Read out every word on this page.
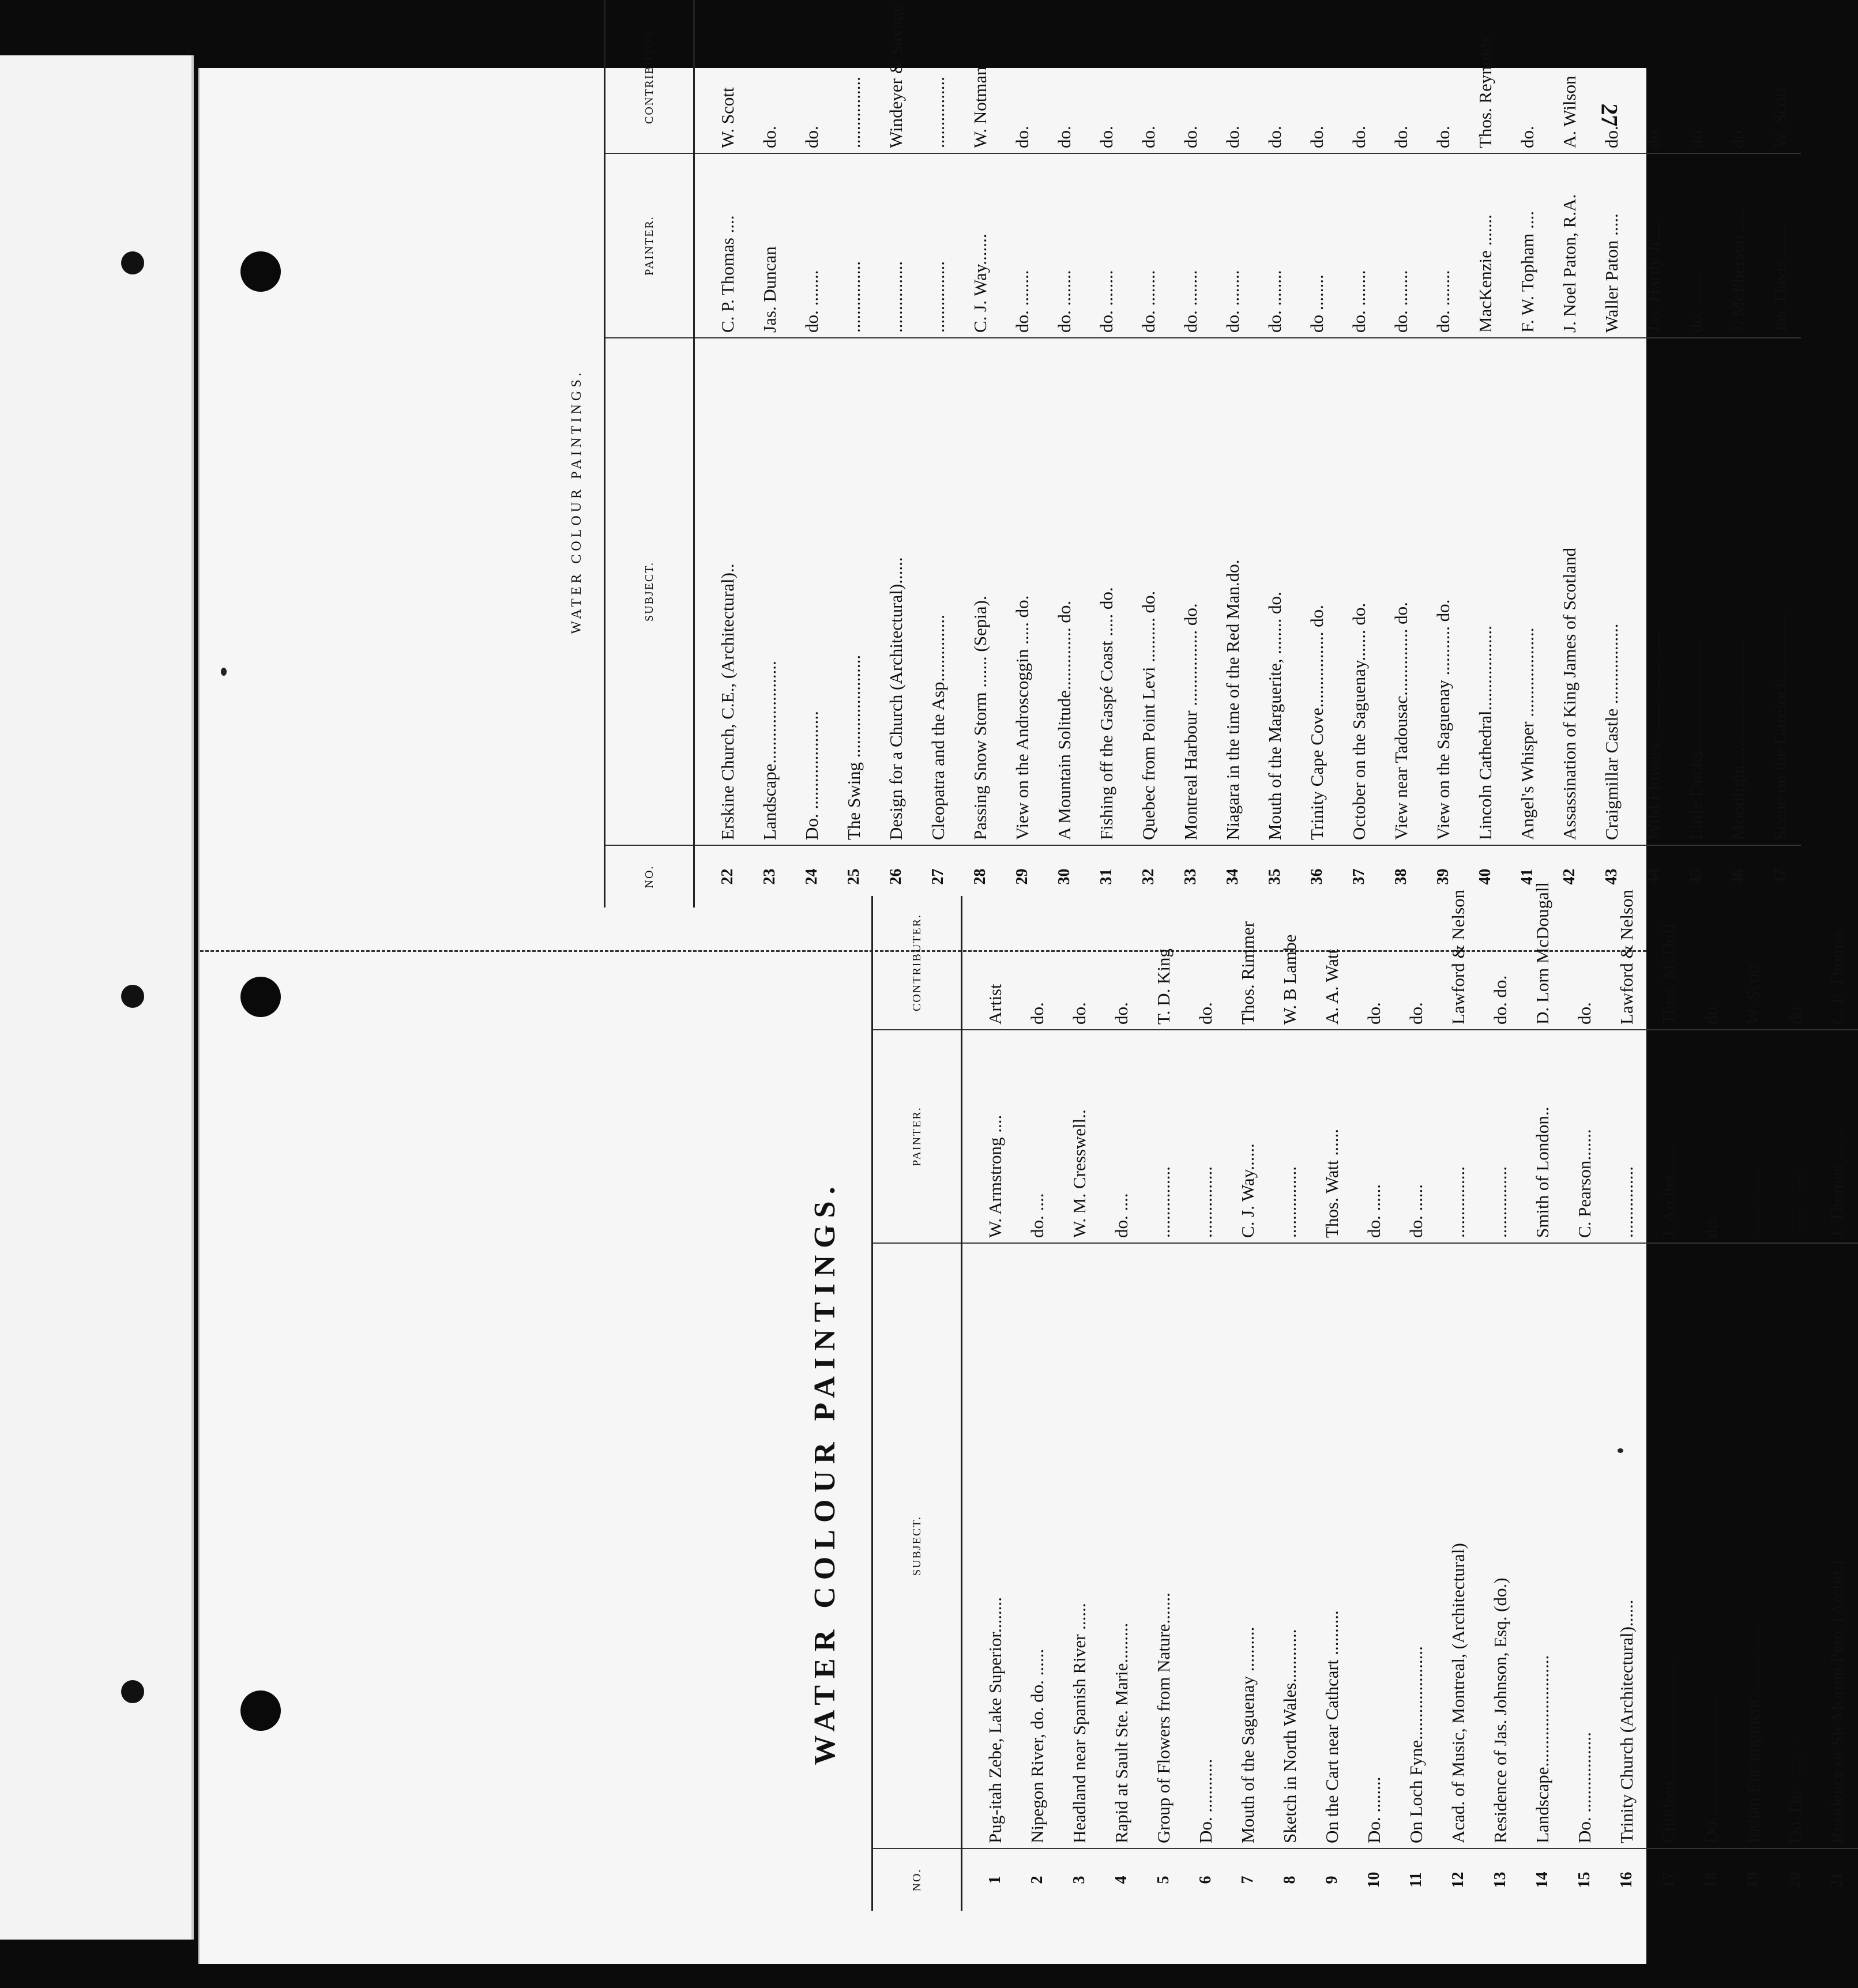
27
WATER COLOUR PAINTINGS.
NO.	SUBJECT.	PAINTER.	CONTRIBUTOR.
22	Erskine Church, C.E., (Architectural)..	C. P. Thomas ....	W. Scott
23	Landscape.......................	Jas. Duncan	do.
24	Do. ......................	do. ........	do.
25	The Swing .......................	................	................
26	Design for a Church (Architectural)......	................	Windeyer & Savage
27	Cleopatra and the Asp...............	................	................
28	Passing Snow Storm ....... (Sepia).	C. J. Way.......	W. Notman
29	View on the Androscoggin ..... do.	do. ........	do.
30	A Mountain Solitude.............. do.	do. ........	do.
31	Fishing off the Gaspé Coast ..... do.	do. ........	do.
32	Quebec from Point Levi .......... do.	do. ........	do.
33	Montreal Harbour ................. do.	do. ........	do.
34	Niagara in the time of the Red Man.do.	do. ........	do.
35	Mouth of the Marguerite, ........ do.	do. ........	do.
36	Trinity Cape Cove................. do.	do ........	do.
37	October on the Saguenay....... do.	do. ........	do.
38	View near Tadousac............... do.	do. ........	do.
39	View on the Saguenay ........... do.	do. ........	do.
40	Lincoln Cathedral...................	MacKenzie .......	Thos. Reynolds
41	Angel's Whisper ....................	F. W. Topham ....	do.
42	Assassination of King James of Scotland	J. Noel Paton, R.A.	A. Wilson
43	Craigmillar Castle ..................	Waller Paton .....	do.
44	Wild Flowers.........................	Jas. Hardy Jr.....	do.
45	Little Ducks.........................	do. ........	do.
46	Moonlight............................	J. McPherson .....	do.
47	Scene on the Gareloch...............	Jas. Davis .......	W. Scott
WATER COLOUR PAINTINGS.
NO.	SUBJECT.	PAINTER.	CONTRIBUTER.
1	Pug-itah Zebe, Lake Superior........	W. Armstrong ....	Artist
2	Nipegon River, do. do. ......	do. ....	do.
3	Headland near Spanish River ......	W. M. Cresswell..	do.
4	Rapid at Sault Ste. Marie.........	do. ....	do.
5	Group of Flowers from Nature.......	................	T. D. King
6	Do. ............	................	do.
7	Mouth of the Saguenay ..........	C. J. Way......	Thos. Rimmer
8	Sketch in North Wales............	................	W. B Lambe
9	On the Cart near Cathcart ..........	Thos. Watt ......	A. A. Watt
10	Do. ........	do. ......	do.
11	On Loch Fyne.....................	do. ......	do.
12	Acad. of Music, Montreal, (Architectural)	................	Lawford & Nelson
13	Residence of Jas. Johnson, Esq. (do.)	................	do. do.
14	Landscape.........................	Smith of London..	D. Lorn McDougall
15	Do. ..................	C. Pearson.......	do.
16	Trinity Church (Architectural)......	................	Lawford & Nelson
17	Children...........................	J. Archer.......	Thos. McDuff
18	Do. ..........................	do.	do.
19	Indian Encampment.................	................	W. Scott
20	Do. Do. ...........	................	do.
21	Residence of Sir Morton Peto, (Archit.)	J. Thomas .......	C. P. Thomas
